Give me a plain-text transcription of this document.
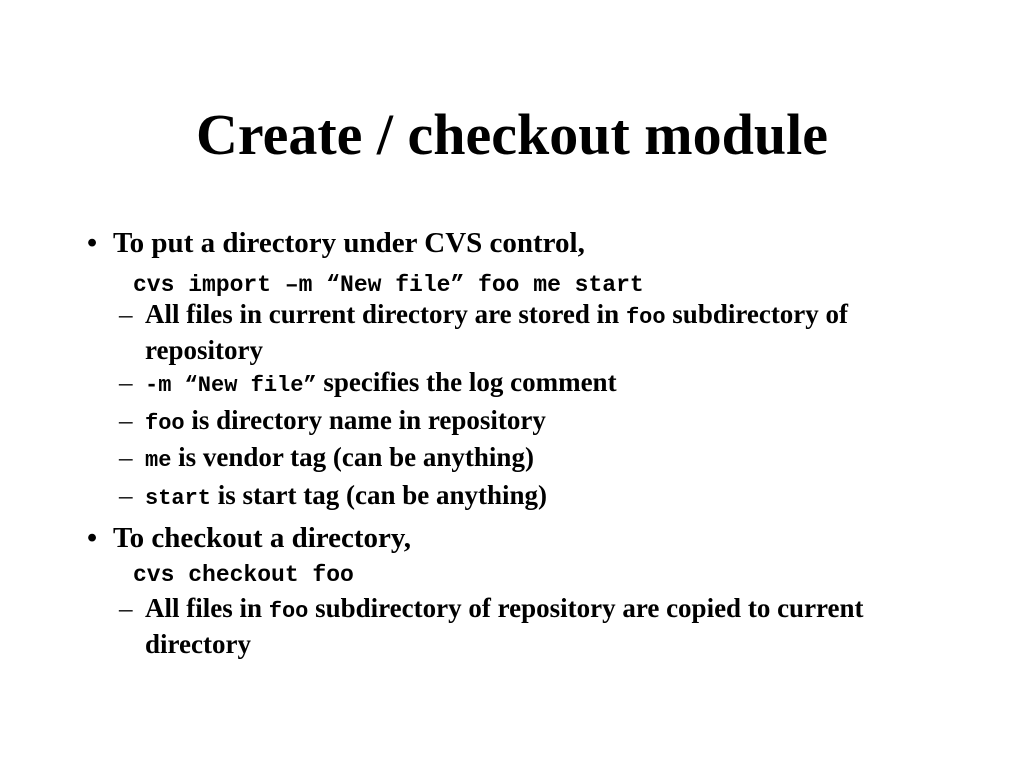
Create / checkout module
• To put a directory under CVS control,
cvs import –m “New file” foo me start
– All files in current directory are stored in foo subdirectory of repository
– -m “New file” specifies the log comment
– foo is directory name in repository
– me is vendor tag (can be anything)
– start is start tag (can be anything)
• To checkout a directory,
cvs checkout foo
– All files in foo subdirectory of repository are copied to current directory
